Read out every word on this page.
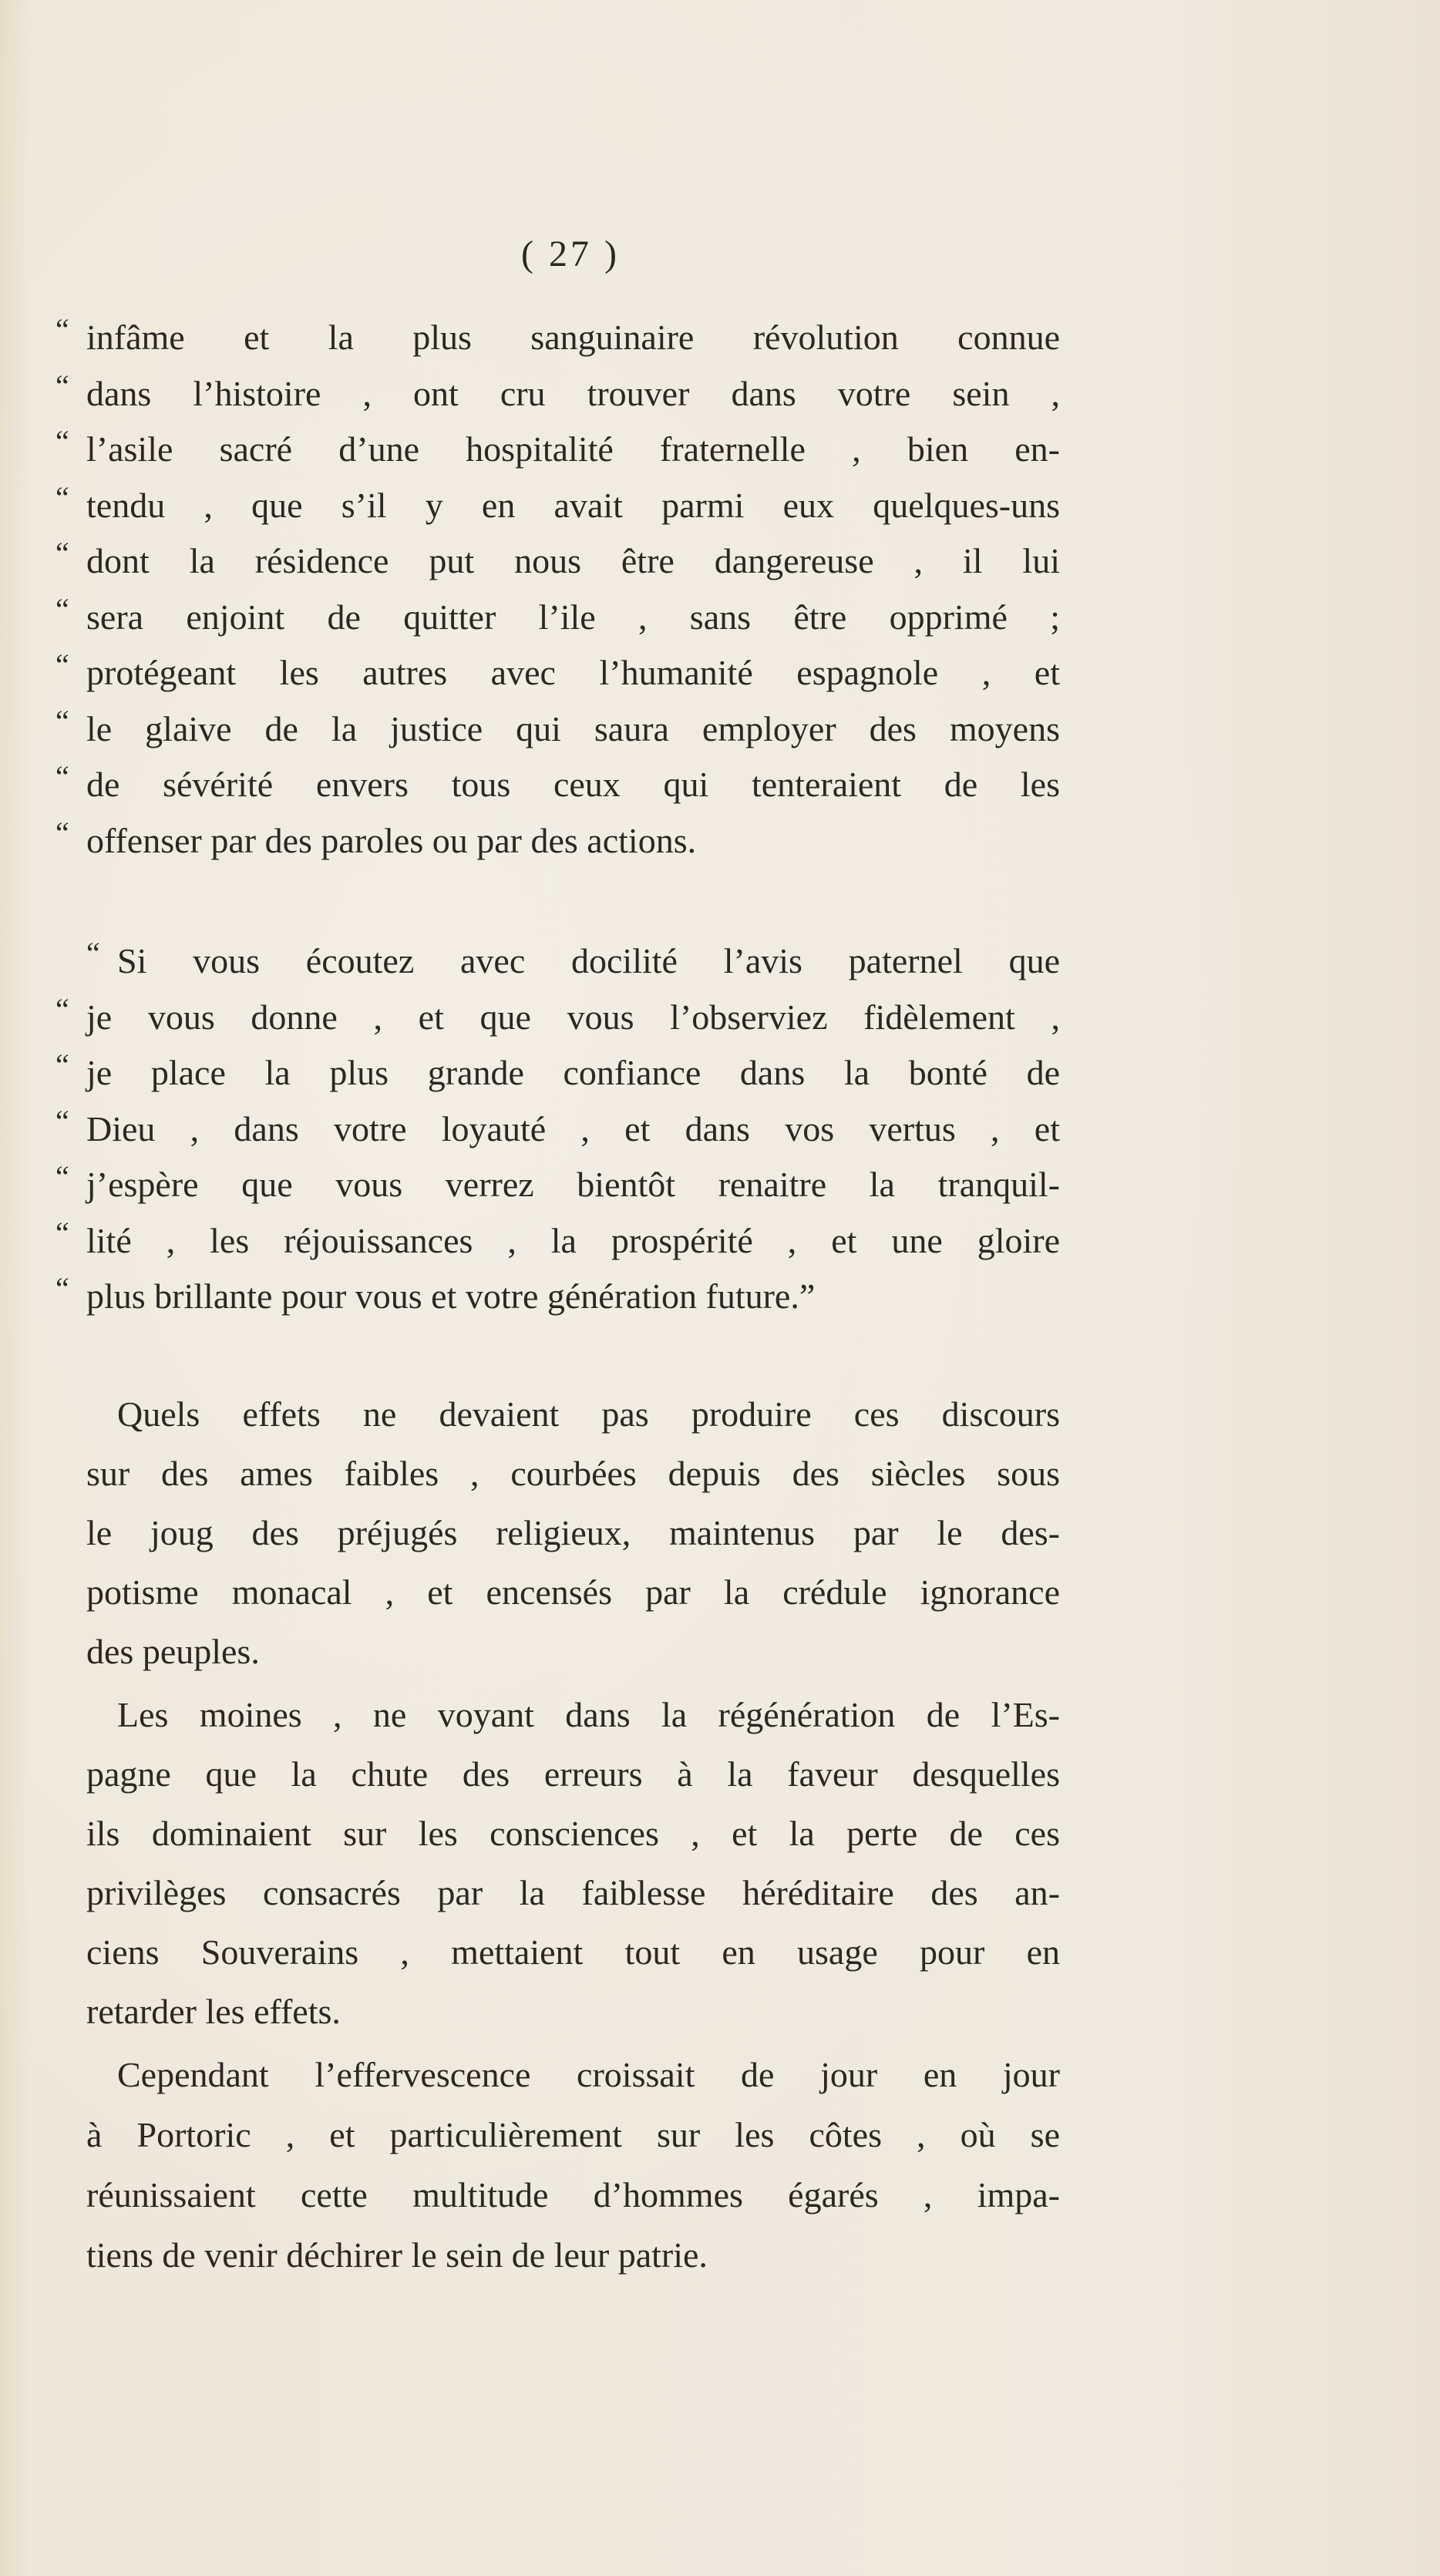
( 27 )
“ infâme et la plus sanguinaire révolution connue
“ dans l’histoire , ont cru trouver dans votre sein ,
“ l’asile sacré d’une hospitalité fraternelle , bien en-
“ tendu , que s’il y en avait parmi eux quelques-uns
“ dont la résidence put nous être dangereuse , il lui
“ sera enjoint de quitter l’ile , sans être opprimé ;
“ protégeant les autres avec l’humanité espagnole , et
“ le glaive de la justice qui saura employer des moyens
“ de sévérité envers tous ceux qui tenteraient de les
“ offenser par des paroles ou par des actions.
“ Si vous écoutez avec docilité l’avis paternel que
“ je vous donne , et que vous l’observiez fidèlement ,
“ je place la plus grande confiance dans la bonté de
“ Dieu , dans votre loyauté , et dans vos vertus , et
“ j’espère que vous verrez bientôt renaitre la tranquil-
“ lité , les réjouissances , la prospérité , et une gloire
“ plus brillante pour vous et votre génération future.”
Quels effets ne devaient pas produire ces discours
sur des ames faibles , courbées depuis des siècles sous
le joug des préjugés religieux, maintenus par le des-
potisme monacal , et encensés par la crédule ignorance
des peuples.
Les moines , ne voyant dans la régénération de l’Es-
pagne que la chute des erreurs à la faveur desquelles
ils dominaient sur les consciences , et la perte de ces
privilèges consacrés par la faiblesse héréditaire des an-
ciens Souverains , mettaient tout en usage pour en
retarder les effets.
Cependant l’effervescence croissait de jour en jour
à Portoric , et particulièrement sur les côtes , où se
réunissaient cette multitude d’hommes égarés , impa-
tiens de venir déchirer le sein de leur patrie.
